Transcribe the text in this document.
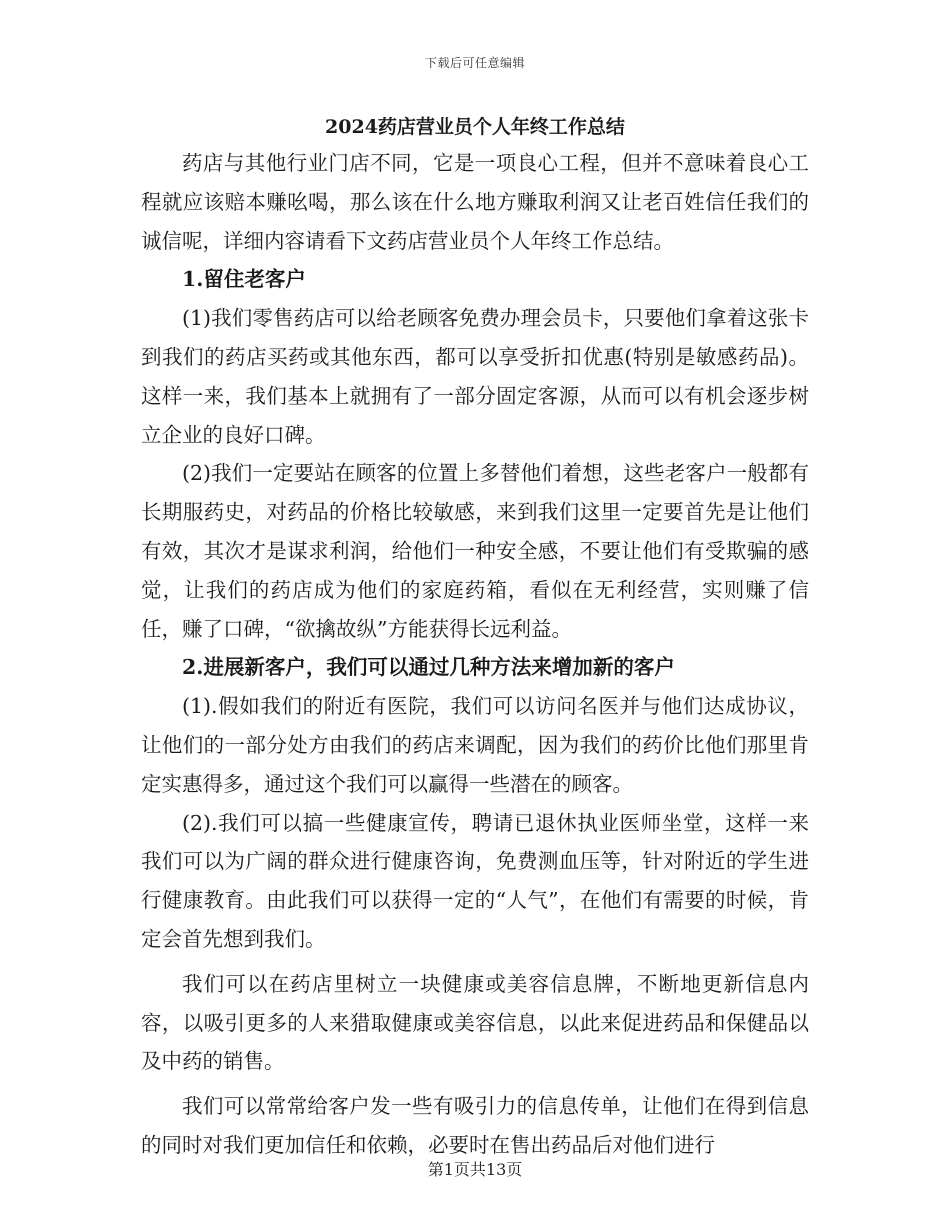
下载后可任意编辑
2024药店营业员个人年终工作总结

药店与其他行业门店不同，它是一项良心工程，但并不意味着良心工程就应该赔本赚吆喝，那么该在什么地方赚取利润又让老百姓信任我们的诚信呢，详细内容请看下文药店营业员个人年终工作总结。

1.留住老客户

(1)我们零售药店可以给老顾客免费办理会员卡，只要他们拿着这张卡到我们的药店买药或其他东西，都可以享受折扣优惠(特别是敏感药品)。这样一来，我们基本上就拥有了一部分固定客源，从而可以有机会逐步树立企业的良好口碑。

(2)我们一定要站在顾客的位置上多替他们着想，这些老客户一般都有长期服药史，对药品的价格比较敏感，来到我们这里一定要首先是让他们有效，其次才是谋求利润，给他们一种安全感，不要让他们有受欺骗的感觉，让我们的药店成为他们的家庭药箱，看似在无利经营，实则赚了信任，赚了口碑，“欲擒故纵”方能获得长远利益。

2.进展新客户，我们可以通过几种方法来增加新的客户

(1).假如我们的附近有医院，我们可以访问名医并与他们达成协议，让他们的一部分处方由我们的药店来调配，因为我们的药价比他们那里肯定实惠得多，通过这个我们可以赢得一些潜在的顾客。

(2).我们可以搞一些健康宣传，聘请已退休执业医师坐堂，这样一来我们可以为广阔的群众进行健康咨询，免费测血压等，针对附近的学生进行健康教育。由此我们可以获得一定的“人气”，在他们有需要的时候，肯定会首先想到我们。

我们可以在药店里树立一块健康或美容信息牌，不断地更新信息内容，以吸引更多的人来猎取健康或美容信息，以此来促进药品和保健品以及中药的销售。

我们可以常常给客户发一些有吸引力的信息传单，让他们在得到信息的同时对我们更加信任和依赖，必要时在售出药品后对他们进行

第1页共13页
